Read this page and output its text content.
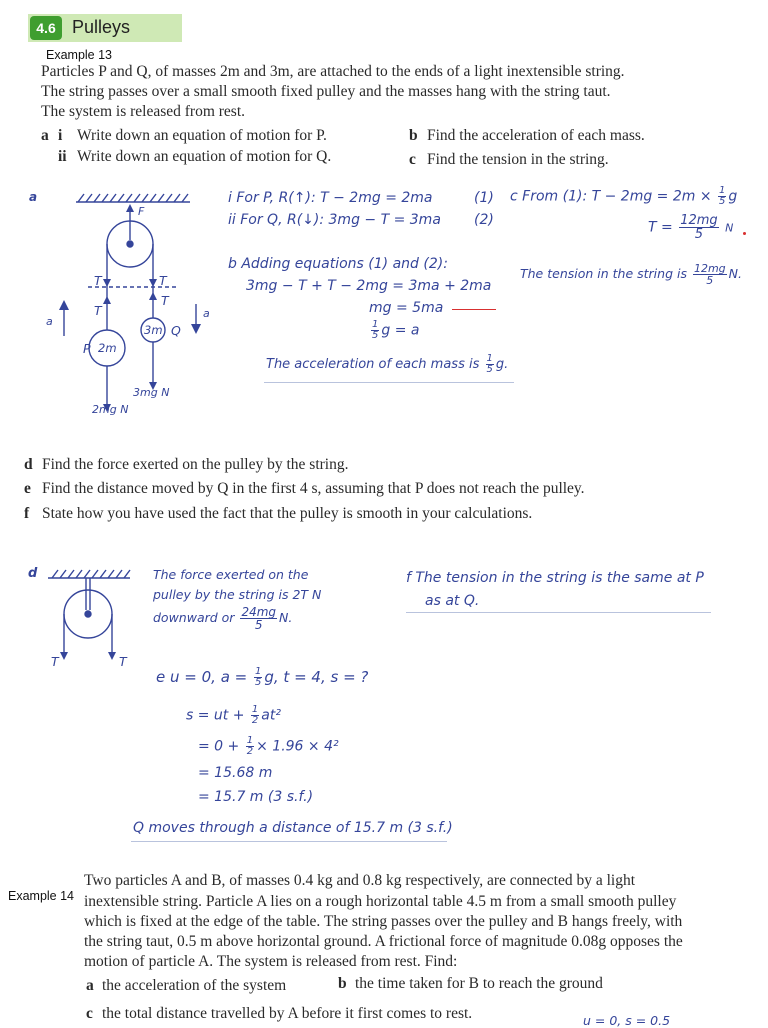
4.6 Pulleys
Example 13
Particles P and Q, of masses 2m and 3m, are attached to the ends of a light inextensible string.
The string passes over a small smooth fixed pulley and the masses hang with the string taut.
The system is released from rest.
a i Write down an equation of motion for P.
ii Write down an equation of motion for Q.
b Find the acceleration of each mass.
c Find the tension in the string.
a
F
T	T
T
T
a
a
P 2m
3m Q
3mg N
2mg N
i For P, R(↑): T − 2mg = 2ma	(1)
ii For Q, R(↓): 3mg − T = 3ma (2)
c From (1): $T - 2mg = 2m \times \frac{1}{5}$ g
$T = \frac{12mg}{5}$ N
The tension in the string is $\frac{12mg}{5} N$.
b Adding equations (1) and (2):
3mg − T + T − 2mg = 3ma + 2ma
mg = 5ma
$\frac{1}{5}$ g = a
The acceleration of each mass is $\frac{1}{5} g$.
d Find the force exerted on the pulley by the string.
e Find the distance moved by Q in the first 4 s, assuming that P does not reach the pulley.
f State how you have used the fact that the pulley is smooth in your calculations.
d
T	T
The force exerted on the
pulley by the string is 2T N
downward or $\frac{24mg}{5} N$.
f The tension in the string is the same at P
as at Q.
e u = 0, $a = \frac{1}{5} g$, t = 4, s = ?
s = ut + $\frac{1}{2} at^2$
= $0 + \frac{1}{2} \times 1.96 \times 4^2$
= 15.68 m
= 15.7 m (3 s.f.)
Q moves through a distance of 15.7 m (3 s.f.)
Example 14
Two particles A and B, of masses 0.4 kg and 0.8 kg respectively, are connected by a light
inextensible string. Particle A lies on a rough horizontal table 4.5 m from a small smooth pulley
which is fixed at the edge of the table. The string passes over the pulley and B hangs freely, with
the string taut, 0.5 m above horizontal ground. A frictional force of magnitude 0.08g opposes the
motion of particle A. The system is released from rest. Find:
a the acceleration of the system	b the time taken for B to reach the ground
c the total distance travelled by A before it first comes to rest.	u = 0, s = 0.5
